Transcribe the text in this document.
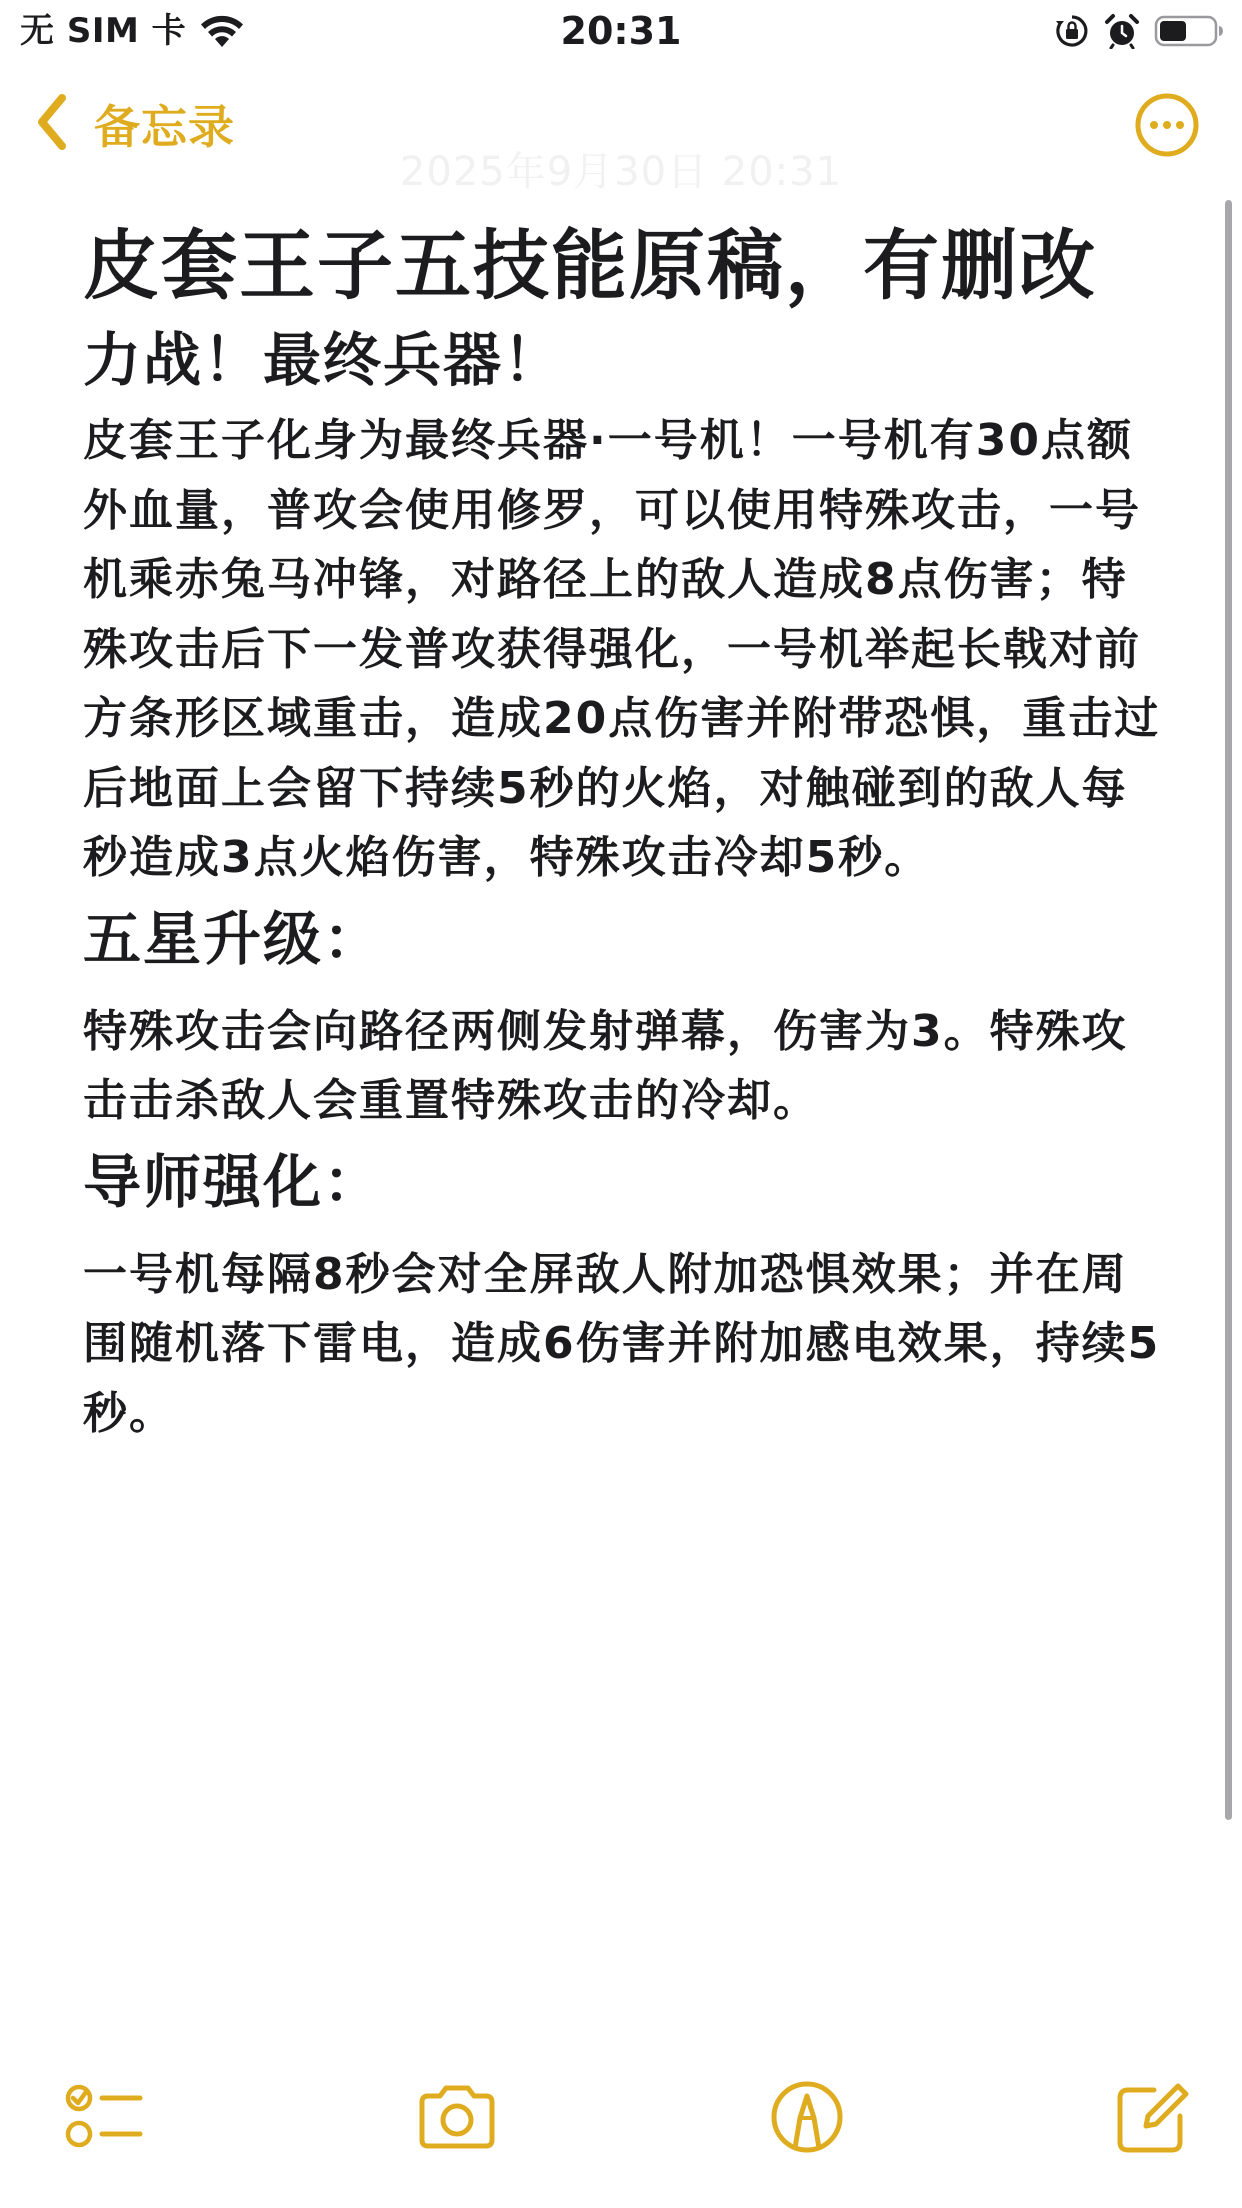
无 SIM 卡	20:31
备忘录
2025年9月30日 20:31
皮套王子五技能原稿，有删改
力战！最终兵器！

皮套王子化身为最终兵器·一号机！一号机有30点额外血量，普攻会使用修罗，可以使用特殊攻击，一号机乘赤兔马冲锋，对路径上的敌人造成8点伤害；特殊攻击后下一发普攻获得强化，一号机举起长戟对前方条形区域重击，造成20点伤害并附带恐惧，重击过后地面上会留下持续5秒的火焰，对触碰到的敌人每秒造成3点火焰伤害，特殊攻击冷却5秒。

五星升级：

特殊攻击会向路径两侧发射弹幕，伤害为3。特殊攻击击杀敌人会重置特殊攻击的冷却。

导师强化：

一号机每隔8秒会对全屏敌人附加恐惧效果；并在周围随机落下雷电，造成6伤害并附加感电效果，持续5秒。
